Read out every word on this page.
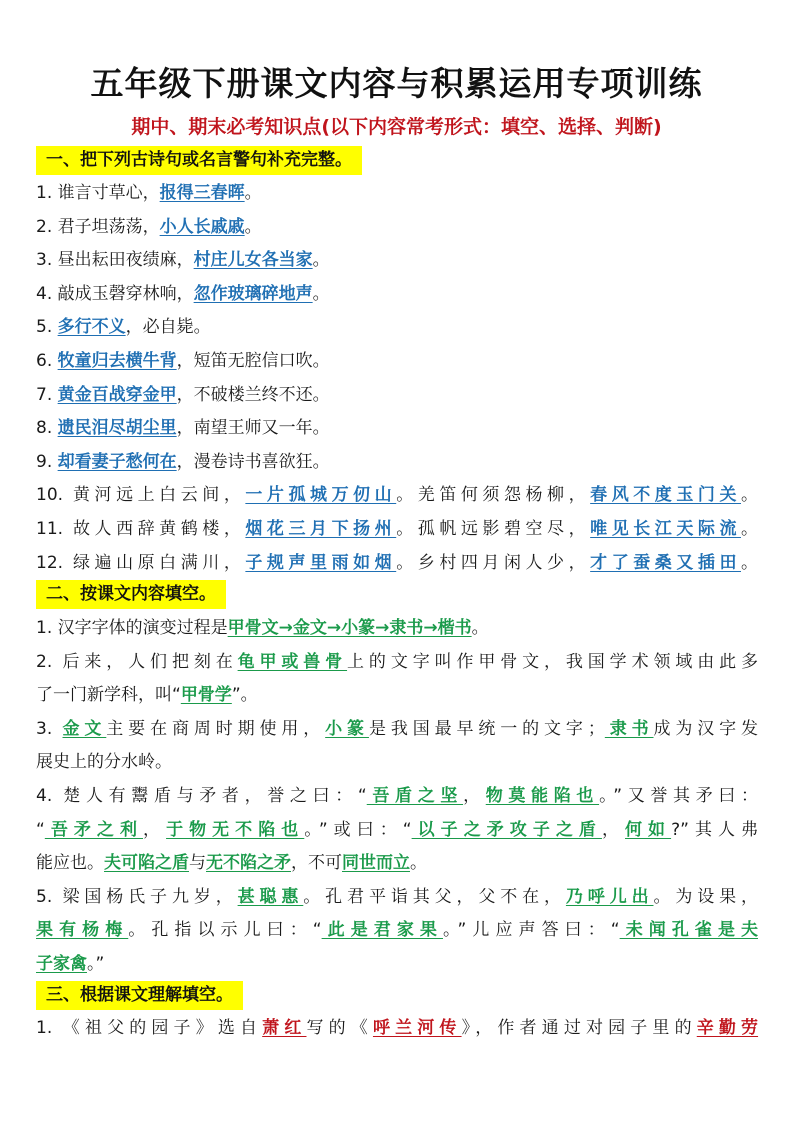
五年级下册课文内容与积累运用专项训练
期中、期末必考知识点(以下内容常考形式：填空、选择、判断)
一、把下列古诗句或名言警句补充完整。
1. 谁言寸草心，报得三春晖。
2. 君子坦荡荡，小人长戚戚。
3. 昼出耘田夜绩麻，村庄儿女各当家。
4. 敲成玉磬穿林响，忽作玻璃碎地声。
5. 多行不义，必自毙。
6. 牧童归去横牛背，短笛无腔信口吹。
7. 黄金百战穿金甲，不破楼兰终不还。
8. 遗民泪尽胡尘里，南望王师又一年。
9. 却看妻子愁何在，漫卷诗书喜欲狂。
10. 黄河远上白云间，一片孤城万仞山。羌笛何须怨杨柳，春风不度玉门关。
11. 故人西辞黄鹤楼，烟花三月下扬州。孤帆远影碧空尽，唯见长江天际流。
12. 绿遍山原白满川，子规声里雨如烟。乡村四月闲人少，才了蚕桑又插田。
二、按课文内容填空。
1. 汉字字体的演变过程是甲骨文→金文→小篆→隶书→楷书。
2. 后来，人们把刻在龟甲或兽骨上的文字叫作甲骨文，我国学术领域由此多
了一门新学科，叫“甲骨学”。
3. 金文主要在商周时期使用，小篆是我国最早统一的文字；隶书成为汉字发
展史上的分水岭。
4. 楚人有鬻盾与矛者，誉之曰：“吾盾之坚，物莫能陷也。”又誉其矛曰：
“吾矛之利，于物无不陷也。”或曰：“以子之矛攻子之盾，何如?”其人弗
能应也。夫可陷之盾与无不陷之矛，不可同世而立。
5. 梁国杨氏子九岁，甚聪惠。孔君平诣其父，父不在，乃呼儿出。为设果，
果有杨梅。孔指以示儿曰：“此是君家果。”儿应声答曰：“未闻孔雀是夫
子家禽。”
三、根据课文理解填空。
1. 《祖父的园子》选自萧红写的《呼兰河传》，作者通过对园子里的辛勤劳
